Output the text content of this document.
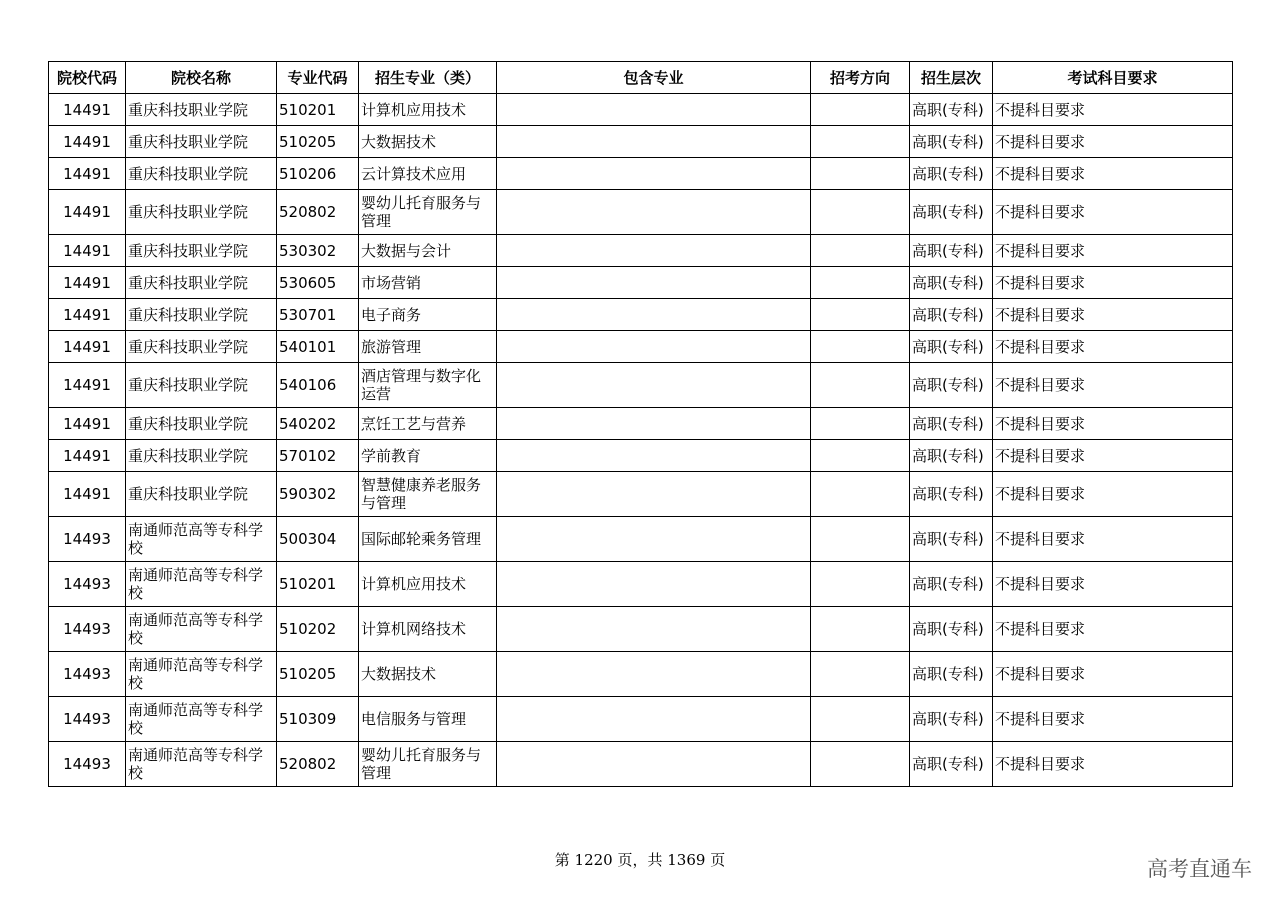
院校代码	院校名称	专业代码	招生专业（类）	包含专业	招考方向	招生层次	考试科目要求
14491	重庆科技职业学院	510201	计算机应用技术			高职(专科)	不提科目要求
14491	重庆科技职业学院	510205	大数据技术			高职(专科)	不提科目要求
14491	重庆科技职业学院	510206	云计算技术应用			高职(专科)	不提科目要求
14491	重庆科技职业学院	520802	婴幼儿托育服务与管理			高职(专科)	不提科目要求
14491	重庆科技职业学院	530302	大数据与会计			高职(专科)	不提科目要求
14491	重庆科技职业学院	530605	市场营销			高职(专科)	不提科目要求
14491	重庆科技职业学院	530701	电子商务			高职(专科)	不提科目要求
14491	重庆科技职业学院	540101	旅游管理			高职(专科)	不提科目要求
14491	重庆科技职业学院	540106	酒店管理与数字化运营			高职(专科)	不提科目要求
14491	重庆科技职业学院	540202	烹饪工艺与营养			高职(专科)	不提科目要求
14491	重庆科技职业学院	570102	学前教育			高职(专科)	不提科目要求
14491	重庆科技职业学院	590302	智慧健康养老服务与管理			高职(专科)	不提科目要求
14493	南通师范高等专科学校	500304	国际邮轮乘务管理			高职(专科)	不提科目要求
14493	南通师范高等专科学校	510201	计算机应用技术			高职(专科)	不提科目要求
14493	南通师范高等专科学校	510202	计算机网络技术			高职(专科)	不提科目要求
14493	南通师范高等专科学校	510205	大数据技术			高职(专科)	不提科目要求
14493	南通师范高等专科学校	510309	电信服务与管理			高职(专科)	不提科目要求
14493	南通师范高等专科学校	520802	婴幼儿托育服务与管理			高职(专科)	不提科目要求
第 1220 页，共 1369 页	高考直通车
